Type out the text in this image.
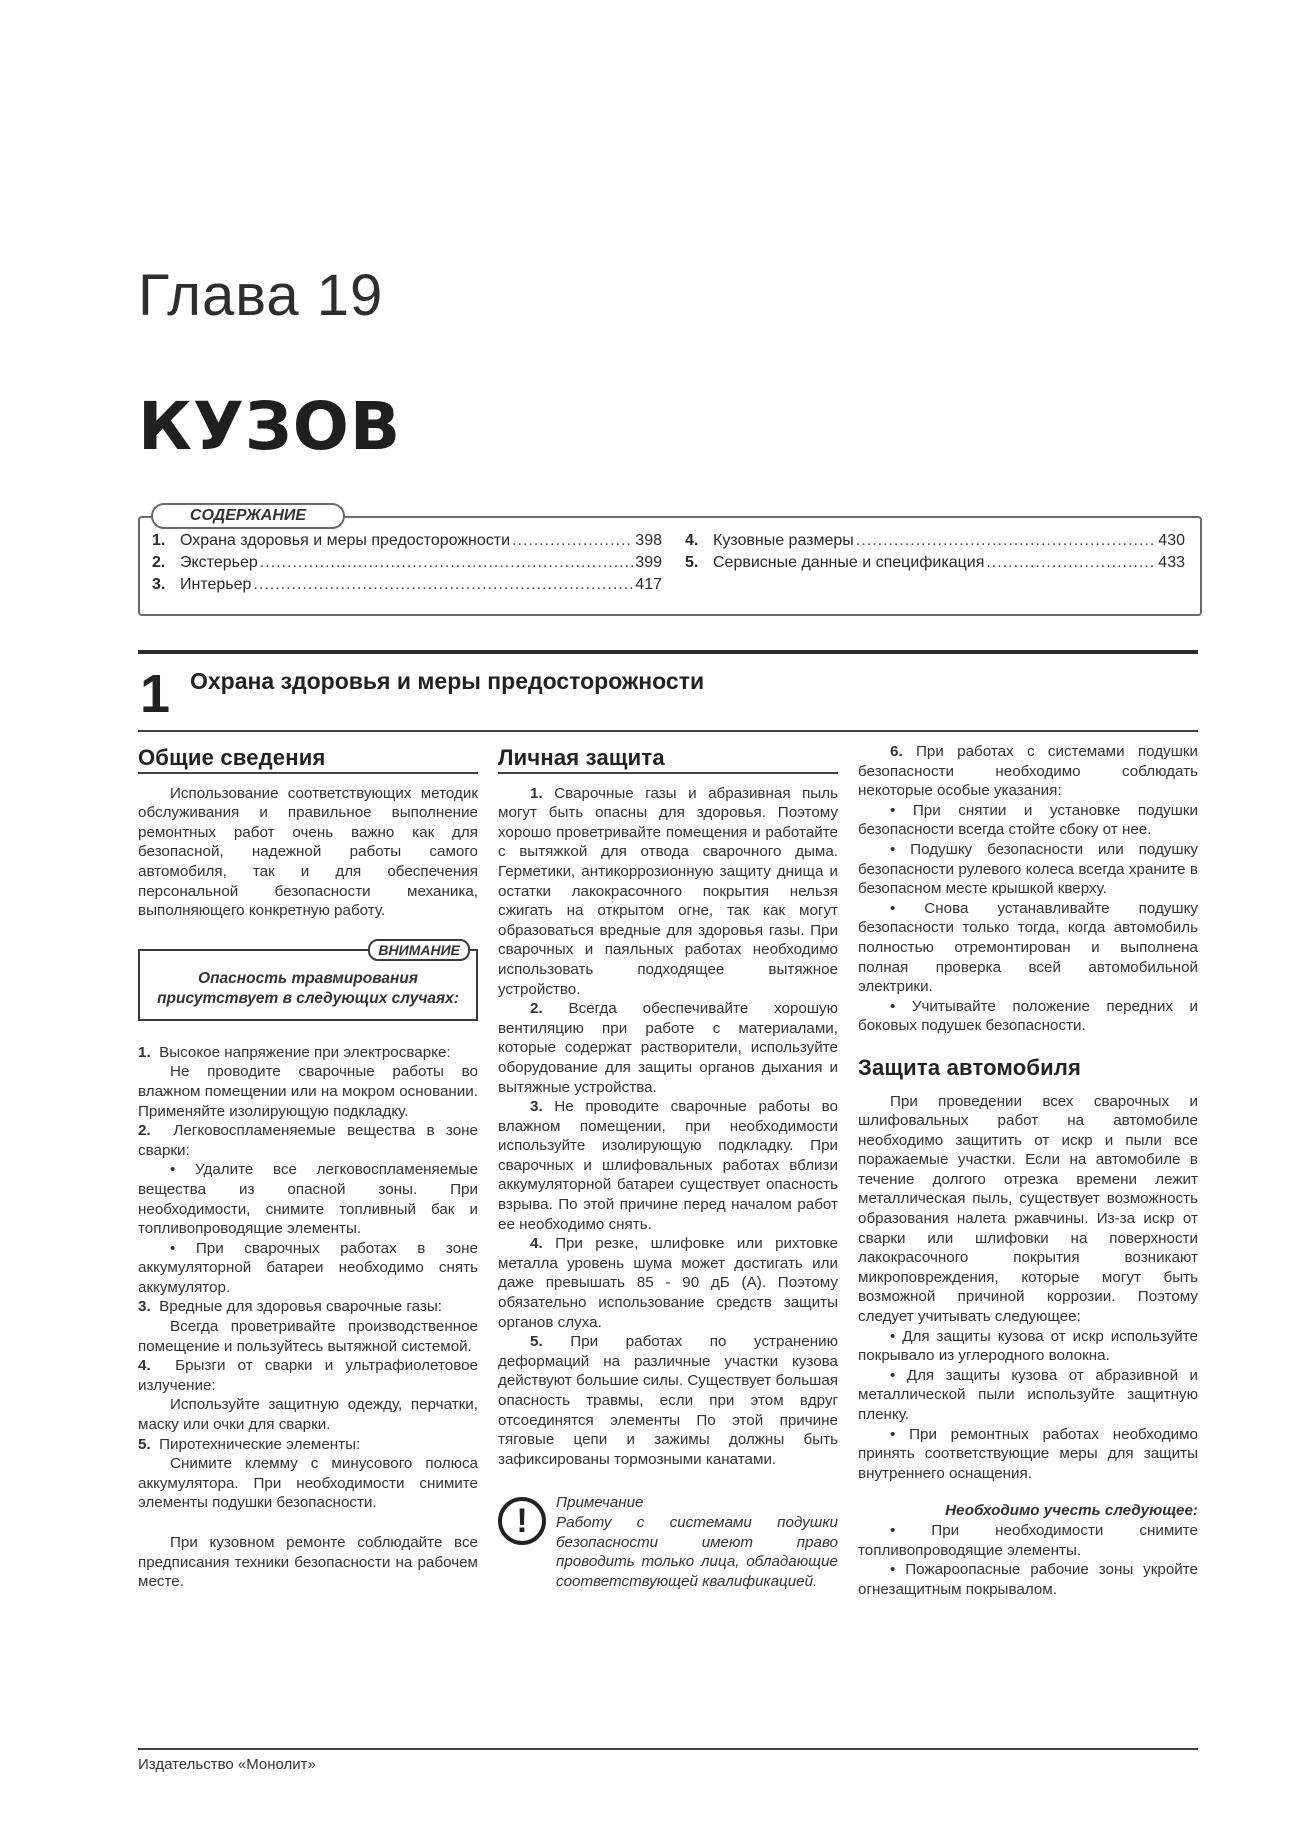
Глава 19
КУЗОВ
СОДЕРЖАНИЕ
1. Охрана здоровья и меры предосторожности .....	398
2. Экстерьер .....	399
3. Интерьер .....	417
4. Кузовные размеры .....	430
5. Сервисные данные и спецификация .....	433
1 Охрана здоровья и меры предосторожности
Общие сведения

Использование соответствующих методик обслуживания и правильное выполнение ремонтных работ очень важно как для безопасной, надежной работы самого автомобиля, так и для обеспечения персональной безопасности механика, выполняющего конкретную работу.

ВНИМАНИЕ
Опасность травмирования присутствует в следующих случаях:

1.  Высокое напряжение при электросварке:

Не проводите сварочные работы во влажном помещении или на мокром основании. Применяйте изолирующую подкладку.

2.  Легковоспламеняемые вещества в зоне сварки:

• Удалите все легковоспламеняемые вещества из опасной зоны. При необходимости, снимите топливный бак и топливопроводящие элементы.

• При сварочных работах в зоне аккумуляторной батареи необходимо снять аккумулятор.

3.  Вредные для здоровья сварочные газы:

Всегда проветривайте производственное помещение и пользуйтесь вытяжной системой.

4.  Брызги от сварки и ультрафиолетовое излучение:

Используйте защитную одежду, перчатки, маску или очки для сварки.

5.  Пиротехнические элементы:

Снимите клемму с минусового полюса аккумулятора. При необходимости снимите элементы подушки безопасности.

При кузовном ремонте соблюдайте все предписания техники безопасности на рабочем месте.

Личная защита

1. Сварочные газы и абразивная пыль могут быть опасны для здоровья. Поэтому хорошо проветривайте помещения и работайте с вытяжкой для отвода сварочного дыма. Герметики, антикоррозионную защиту днища и остатки лакокрасочного покрытия нельзя сжигать на открытом огне, так как могут образоваться вредные для здоровья газы. При сварочных и паяльных работах необходимо использовать подходящее вытяжное устройство.

2. Всегда обеспечивайте хорошую вентиляцию при работе с материалами, которые содержат растворители, используйте оборудование для защиты органов дыхания и вытяжные устройства.

3. Не проводите сварочные работы во влажном помещении, при необходимости используйте изолирующую подкладку. При сварочных и шлифовальных работах вблизи аккумуляторной батареи существует опасность взрыва. По этой причине перед началом работ ее необходимо снять.

4. При резке, шлифовке или рихтовке металла уровень шума может достигать или даже превышать 85 - 90 дБ (А). Поэтому обязательно использование средств защиты органов слуха.

5. При работах по устранению деформаций на различные участки кузова действуют большие силы. Существует большая опасность травмы, если при этом вдруг отсоединятся элементы По этой причине тяговые цепи и зажимы должны быть зафиксированы тормозными канатами.

!	Примечание
Работу с системами подушки безопасности имеют право проводить только лица, обладающие соответствующей квалификацией.

6. При работах с системами подушки безопасности необходимо соблюдать некоторые особые указания:

• При снятии и установке подушки безопасности всегда стойте сбоку от нее.

• Подушку безопасности или подушку безопасности рулевого колеса всегда храните в безопасном месте крышкой кверху.

• Снова устанавливайте подушку безопасности только тогда, когда автомобиль полностью отремонтирован и выполнена полная проверка всей автомобильной электрики.

• Учитывайте положение передних и боковых подушек безопасности.

Защита автомобиля

При проведении всех сварочных и шлифовальных работ на автомобиле необходимо защитить от искр и пыли все поражаемые участки. Если на автомобиле в течение долгого отрезка времени лежит металлическая пыль, существует возможность образования налета ржавчины. Из-за искр от сварки или шлифовки на поверхности лакокрасочного покрытия возникают микроповреждения, которые могут быть возможной причиной коррозии. Поэтому следует учитывать следующее:

• Для защиты кузова от искр используйте покрывало из углеродного волокна.

• Для защиты кузова от абразивной и металлической пыли используйте защитную пленку.

• При ремонтных работах необходимо принять соответствующие меры для защиты внутреннего оснащения.

Необходимо учесть следующее:

• При необходимости снимите топливопроводящие элементы.

• Пожароопасные рабочие зоны укройте огнезащитным покрывалом.

Издательство «Монолит»
